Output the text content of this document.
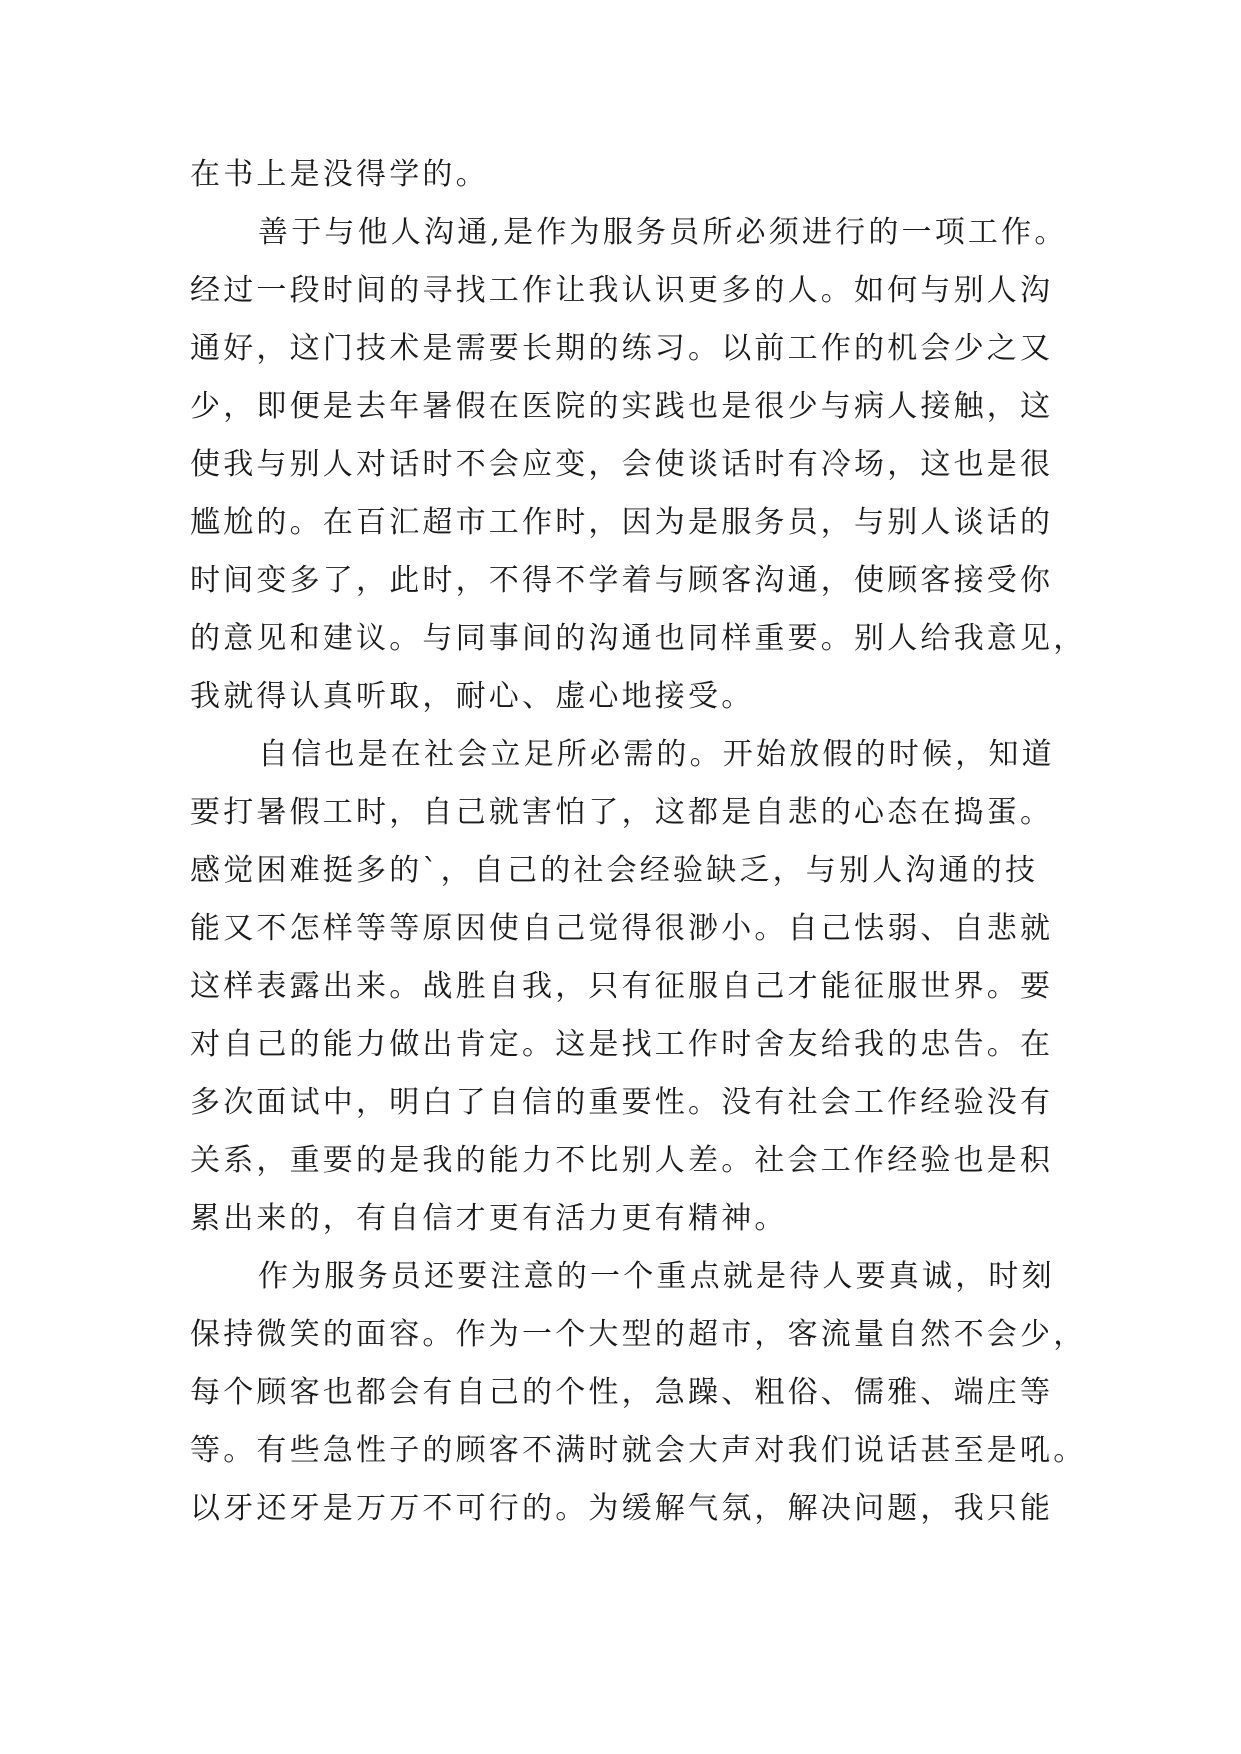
在书上是没得学的。
善于与他人沟通,是作为服务员所必须进行的一项工作。
经过一段时间的寻找工作让我认识更多的人。如何与别人沟
通好，这门技术是需要长期的练习。以前工作的机会少之又
少，即便是去年暑假在医院的实践也是很少与病人接触，这
使我与别人对话时不会应变，会使谈话时有冷场，这也是很
尴尬的。在百汇超市工作时，因为是服务员，与别人谈话的
时间变多了，此时，不得不学着与顾客沟通，使顾客接受你
的意见和建议。与同事间的沟通也同样重要。别人给我意见，
我就得认真听取，耐心、虚心地接受。
自信也是在社会立足所必需的。开始放假的时候，知道
要打暑假工时，自己就害怕了，这都是自悲的心态在捣蛋。
感觉困难挺多的`，自己的社会经验缺乏，与别人沟通的技
能又不怎样等等原因使自己觉得很渺小。自己怯弱、自悲就
这样表露出来。战胜自我，只有征服自己才能征服世界。要
对自己的能力做出肯定。这是找工作时舍友给我的忠告。在
多次面试中，明白了自信的重要性。没有社会工作经验没有
关系，重要的是我的能力不比别人差。社会工作经验也是积
累出来的，有自信才更有活力更有精神。
作为服务员还要注意的一个重点就是待人要真诚，时刻
保持微笑的面容。作为一个大型的超市，客流量自然不会少，
每个顾客也都会有自己的个性，急躁、粗俗、儒雅、端庄等
等。有些急性子的顾客不满时就会大声对我们说话甚至是吼。
以牙还牙是万万不可行的。为缓解气氛，解决问题，我只能
